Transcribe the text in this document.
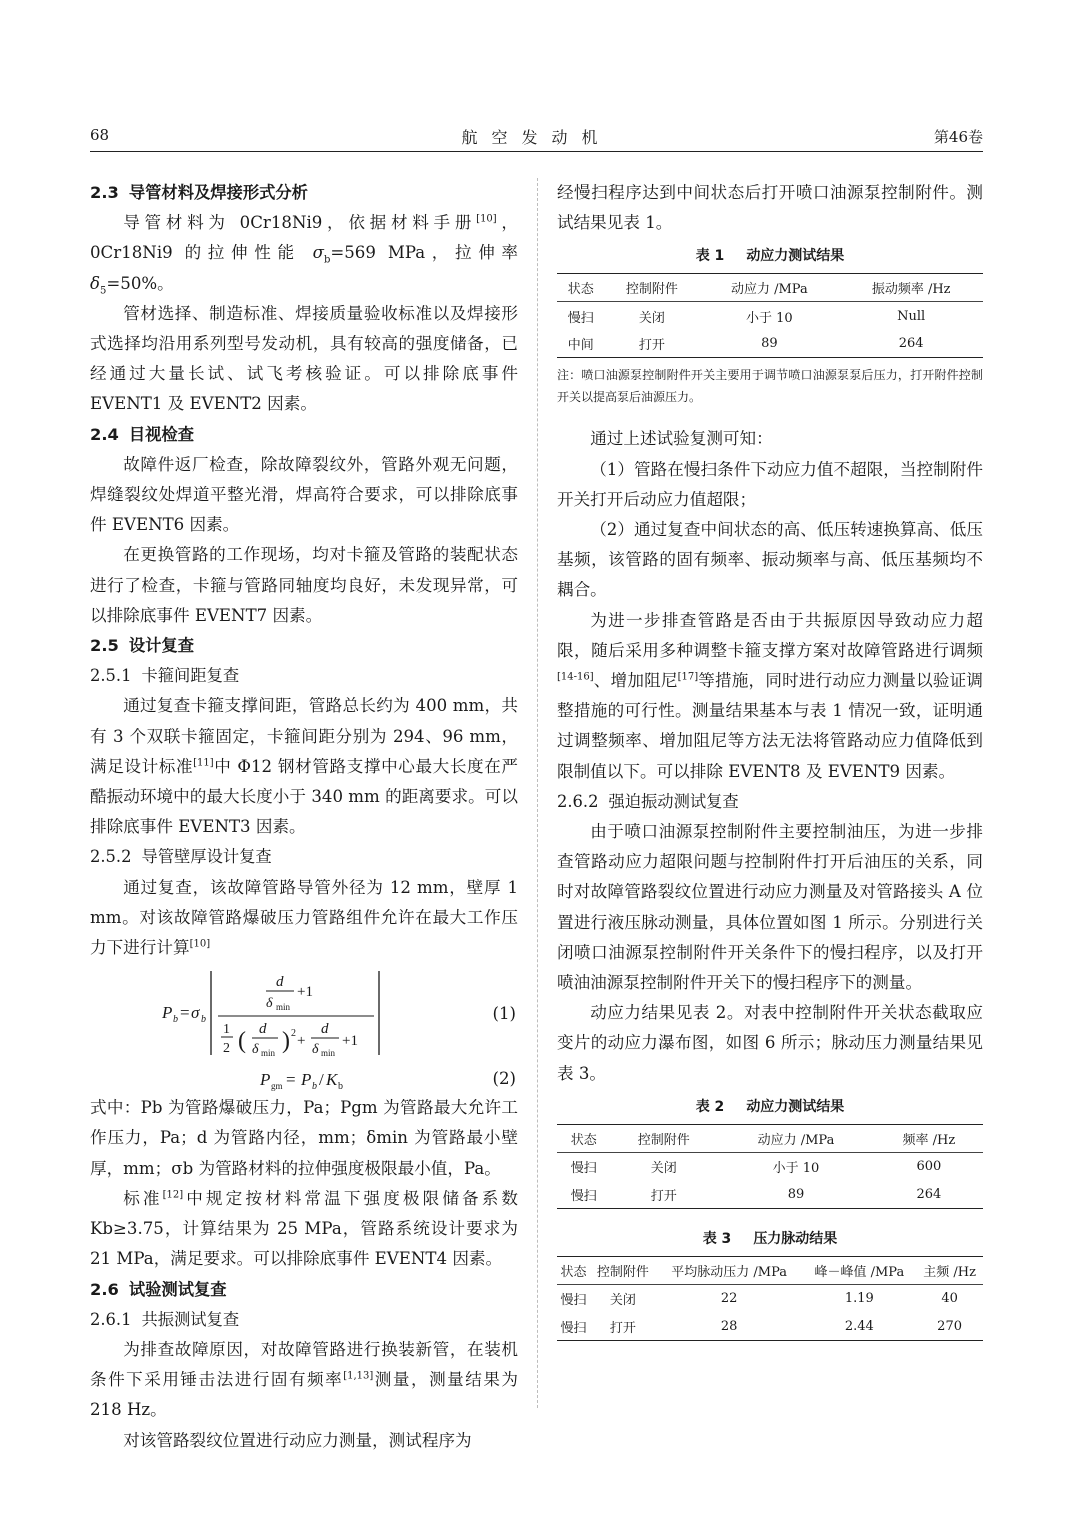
68	航空发动机	第46卷
2.3 导管材料及焊接形式分析

导管材料为 0Cr18Ni9，依据材料手册[10]，0Cr18Ni9 的拉伸性能 $\sigma_b=569$ MPa，拉伸率 $\delta_5=50\%$。

管材选择、制造标准、焊接质量验收标准以及焊接形式选择均沿用系列型号发动机，具有较高的强度储备，已经通过大量长试、试飞考核验证。可以排除底事件 EVENT1 及 EVENT2 因素。

2.4 目视检查

故障件返厂检查，除故障裂纹外，管路外观无问题，焊缝裂纹处焊道平整光滑，焊高符合要求，可以排除底事件 EVENT6 因素。

在更换管路的工作现场，均对卡箍及管路的装配状态进行了检查，卡箍与管路同轴度均良好，未发现异常，可以排除底事件 EVENT7 因素。

2.5 设计复查
2.5.1 卡箍间距复查

通过复查卡箍支撑间距，管路总长约为 400 mm，共有 3 个双联卡箍固定，卡箍间距分别为 294、96 mm，满足设计标准[11]中 Φ12 钢材管路支撑中心最大长度在严酷振动环境中的最大长度小于 340 mm 的距离要求。可以排除底事件 EVENT3 因素。

2.5.2 导管壁厚设计复查

通过复查，该故障管路导管外径为 12 mm，壁厚 1 mm。对该故障管路爆破压力管路组件允许在最大工作压力下进行计算[10]

P b = σ b
d
δ min
+1
1
2 ( d
δ min ) 2 +
d
δ min
+1
(1)
P gm = P b / K b	(2)

式中：Pb 为管路爆破压力，Pa；Pgm 为管路最大允许工作压力，Pa；d 为管路内径，mm；δmin 为管路最小壁厚，mm；σb 为管路材料的拉伸强度极限最小值，Pa。

标准[12]中规定按材料常温下强度极限储备系数 Kb≥3.75，计算结果为 25 MPa，管路系统设计要求为 21 MPa，满足要求。可以排除底事件 EVENT4 因素。

2.6 试验测试复查
2.6.1 共振测试复查

为排查故障原因，对故障管路进行换装新管，在装机条件下采用锤击法进行固有频率[1,13]测量，测量结果为 218 Hz。

对该管路裂纹位置进行动应力测量，测试程序为

经慢扫程序达到中间状态后打开喷口油源泵控制附件。测试结果见表 1。

表 1 动应力测试结果
状态	控制附件	动应力 /MPa	振动频率 /Hz
慢扫	关闭	小于 10	Null
中间	打开	89	264
注：喷口油源泵控制附件开关主要用于调节喷口油源泵泵后压力，打开附件控制开关以提高泵后油源压力。

通过上述试验复测可知：

（1）管路在慢扫条件下动应力值不超限，当控制附件开关打开后动应力值超限；

（2）通过复查中间状态的高、低压转速换算高、低压基频，该管路的固有频率、振动频率与高、低压基频均不耦合。

为进一步排查管路是否由于共振原因导致动应力超限，随后采用多种调整卡箍支撑方案对故障管路进行调频[14-16]、增加阻尼[17]等措施，同时进行动应力测量以验证调整措施的可行性。测量结果基本与表 1 情况一致，证明通过调整频率、增加阻尼等方法无法将管路动应力值降低到限制值以下。可以排除 EVENT8 及 EVENT9 因素。

2.6.2 强迫振动测试复查

由于喷口油源泵控制附件主要控制油压，为进一步排查管路动应力超限问题与控制附件打开后油压的关系，同时对故障管路裂纹位置进行动应力测量及对管路接头 A 位置进行液压脉动测量，具体位置如图 1 所示。分别进行关闭喷口油源泵控制附件开关条件下的慢扫程序，以及打开喷油油源泵控制附件开关下的慢扫程序下的测量。

动应力结果见表 2。对表中控制附件开关状态截取应变片的动应力瀑布图，如图 6 所示；脉动压力测量结果见表 3。

表 2 动应力测试结果
状态	控制附件	动应力 /MPa	频率 /Hz
慢扫	关闭	小于 10	600
慢扫	打开	89	264
表 3 压力脉动结果
状态	控制附件	平均脉动压力 /MPa	峰－峰值 /MPa	主频 /Hz
慢扫	关闭	22	1.19	40
慢扫	打开	28	2.44	270
